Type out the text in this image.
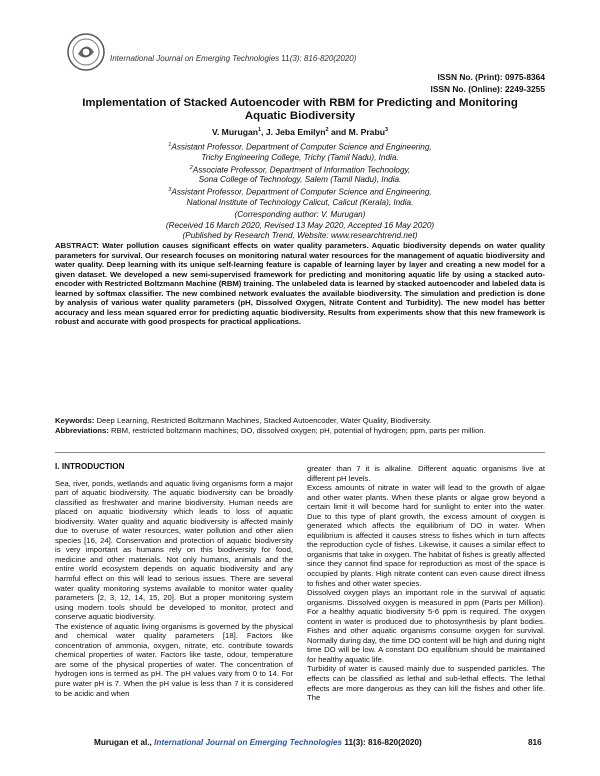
International Journal on Emerging Technologies 11(3): 816-820(2020)
ISSN No. (Print): 0975-8364
ISSN No. (Online): 2249-3255
Implementation of Stacked Autoencoder with RBM for Predicting and Monitoring Aquatic Biodiversity
V. Murugan$^1$, J. Jeba Emilyn$^2$ and M. Prabu$^3$
$^1$Assistant Professor, Department of Computer Science and Engineering,
Trichy Engineering College, Trichy (Tamil Nadu), India.
$^2$Associate Professor, Department of Information Technology,
Sona College of Technology, Salem (Tamil Nadu), India.
$^3$Assistant Professor, Department of Computer Science and Engineering,
National Institute of Technology Calicut, Calicut (Kerala), India.
(Corresponding author: V. Murugan)
(Received 16 March 2020, Revised 13 May 2020, Accepted 16 May 2020)
(Published by Research Trend, Website: www.researchtrend.net)
ABSTRACT: Water pollution causes significant effects on water quality parameters. Aquatic biodiversity depends on water quality parameters for survival. Our research focuses on monitoring natural water resources for the management of aquatic biodiversity and water quality. Deep learning with its unique self-learning feature is capable of learning layer by layer and creating a new model for a given dataset. We developed a new semi-supervised framework for predicting and monitoring aquatic life by using a stacked auto-encoder with Restricted Boltzmann Machine (RBM) training. The unlabeled data is learned by stacked autoencoder and labeled data is learned by softmax classifier. The new combined network evaluates the available biodiversity. The simulation and prediction is done by analysis of various water quality parameters (pH, Dissolved Oxygen, Nitrate Content and Turbidity). The new model has better accuracy and less mean squared error for predicting aquatic biodiversity. Results from experiments show that this new framework is robust and accurate with good prospects for practical applications.
Keywords: Deep Learning, Restricted Boltzmann Machines, Stacked Autoencoder, Water Quality, Biodiversity.
Abbreviations: RBM, restricted boltzmann machines; DO, dissolved oxygen; pH, potential of hydrogen; ppm, parts per million.
I. INTRODUCTION

Sea, river, ponds, wetlands and aquatic living organisms form a major part of aquatic biodiversity. The aquatic biodiversity can be broadly classified as freshwater and marine biodiversity. Human needs are placed on aquatic biodiversity which leads to loss of aquatic biodiversity. Water quality and aquatic biodiversity is affected mainly due to overuse of water resources, water pollution and other alien species [16, 24]. Conservation and protection of aquatic biodiversity is very important as humans rely on this biodiversity for food, medicine and other materials. Not only humans, animals and the entire world ecosystem depends on aquatic biodiversity and any harmful effect on this will lead to serious issues. There are several water quality monitoring systems available to monitor water quality parameters [2, 3, 12, 14, 15, 20]. But a proper monitoring system using modern tools should be developed to monitor, protect and conserve aquatic biodiversity.

The existence of aquatic living organisms is governed by the physical and chemical water quality parameters [18]. Factors like concentration of ammonia, oxygen, nitrate, etc. contribute towards chemical properties of water. Factors like taste, odour, temperature are some of the physical properties of water. The concentration of hydrogen ions is termed as pH. The pH values vary from 0 to 14. For pure water pH is 7. When the pH value is less than 7 it is considered to be acidic and when

greater than 7 it is alkaline. Different aquatic organisms live at different pH levels.

Excess amounts of nitrate in water will lead to the growth of algae and other water plants. When these plants or algae grow beyond a certain limit it will become hard for sunlight to enter into the water. Due to this type of plant growth, the excess amount of oxygen is generated which affects the equilibrium of DO in water. When equilibrium is affected it causes stress to fishes which in turn affects the reproduction cycle of fishes. Likewise, it causes a similar effect to organisms that take in oxygen. The habitat of fishes is greatly affected since they cannot find space for reproduction as most of the space is occupied by plants. High nitrate content can even cause direct illness to fishes and other water species.

Dissolved oxygen plays an important role in the survival of aquatic organisms. Dissolved oxygen is measured in ppm (Parts per Million). For a healthy aquatic biodiversity 5-6 ppm is required. The oxygen content in water is produced due to photosynthesis by plant bodies. Fishes and other aquatic organisms consume oxygen for survival. Normally during day, the time DO content will be high and during night time DO will be low. A constant DO equilibrium should be maintained for healthy aquatic life.

Turbidity of water is caused mainly due to suspended particles. The effects can be classified as lethal and sub-lethal effects. The lethal effects are more dangerous as they can kill the fishes and other life. The

Murugan et al., International Journal on Emerging Technologies 11(3): 816-820(2020)	816
